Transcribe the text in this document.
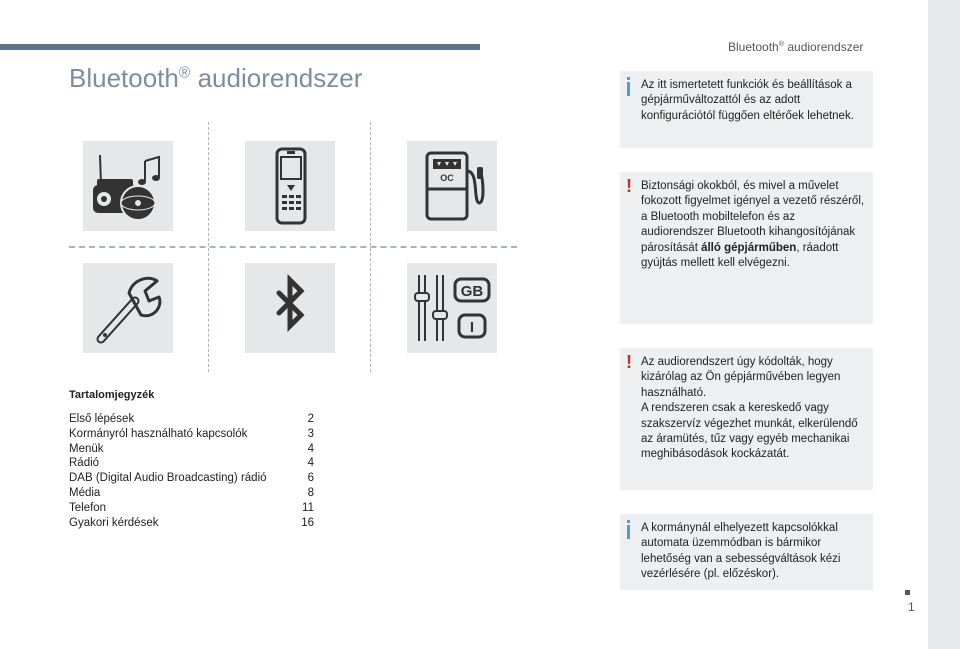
Bluetooth® audiorendszer
Bluetooth® audiorendszer
OC
GB
I
Tartalomjegyzék
Első lépések	2
Kormányról használható kapcsolók	3
Menük	4
Rádió	4
DAB (Digital Audio Broadcasting) rádió	6
Média	8
Telefon	11
Gyakori kérdések	16

Az itt ismertetett funkciók és beállítások a gépjárműváltozattól és az adott konfigurációtól függően eltérőek lehetnek.

! Biztonsági okokból, és mivel a művelet fokozott figyelmet igényel a vezető részéről, a Bluetooth mobiltelefon és az audiorendszer Bluetooth kihangosítójának párosítását álló gépjárműben, ráadott gyújtás mellett kell elvégezni.

! Az audiorendszert úgy kódolták, hogy kizárólag az Ön gépjárművében legyen használható.

A rendszeren csak a kereskedő vagy szakszervíz végezhet munkát, elkerülendő az áramütés, tűz vagy egyéb mechanikai meghibásodások kockázatát.

A kormánynál elhelyezett kapcsolókkal automata üzemmódban is bármikor lehetőség van a sebességváltások kézi vezérlésére (pl. előzéskor).

1
